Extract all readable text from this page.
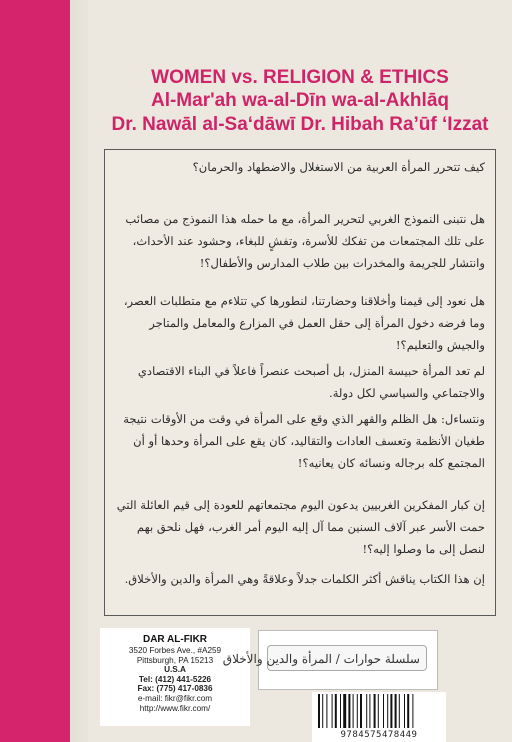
WOMEN vs. RELIGION & ETHICS
Al-Mar'ah wa-al-Dīn wa-al-Akhlāq
Dr. Nawāl al-Saʻdāwī Dr. Hibah Raʼūf ʻIzzat
كيف تتحرر المرأة العربية من الاستغلال والاضطهاد والحرمان؟
هل نتبنى النموذج الغربي لتحرير المرأة، مع ما حمله هذا النموذج من مصائب على تلك المجتمعات من تفكك للأسرة، وتفشٍ للبغاء، وحشود عند الأحداث، وانتشار للجريمة والمخدرات بين طلاب المدارس والأطفال؟!
هل نعود إلى قيمنا وأخلاقنا وحضارتنا، لنطورها كي تتلاءم مع متطلبات العصر، وما فرضه دخول المرأة إلى حقل العمل في المزارع والمعامل والمتاجر والجيش والتعليم؟!
لم تعد المرأة حبيسة المنزل، بل أصبحت عنصراً فاعلاً في البناء الاقتصادي والاجتماعي والسياسي لكل دولة.
ونتساءل: هل الظلم والقهر الذي وقع على المرأة في وقت من الأوقات نتيجة طغيان الأنظمة وتعسف العادات والتقاليد، كان يقع على المرأة وحدها أو أن المجتمع كله برجاله ونسائه كان يعانيه؟!
إن كبار المفكرين الغربيين يدعون اليوم مجتمعاتهم للعودة إلى قيم العائلة التي حمت الأسر عبر آلاف السنين مما آل إليه اليوم أمر الغرب، فهل نلحق بهم لنصل إلى ما وصلوا إليه؟!
إن هذا الكتاب يناقش أكثر الكلمات جدلاً وعلاقةً وهي المرأة والدين والأخلاق.
DAR AL-FIKR
3520 Forbes Ave., #A259
Pittsburgh, PA 15213
U.S.A
Tel: (412) 441-5226
Fax: (775) 417-0836
e-mail: fikr@fikr.com
http://www.fikr.com/
سلسلة حوارات / المرأة والدين والأخلاق
9784575478449
